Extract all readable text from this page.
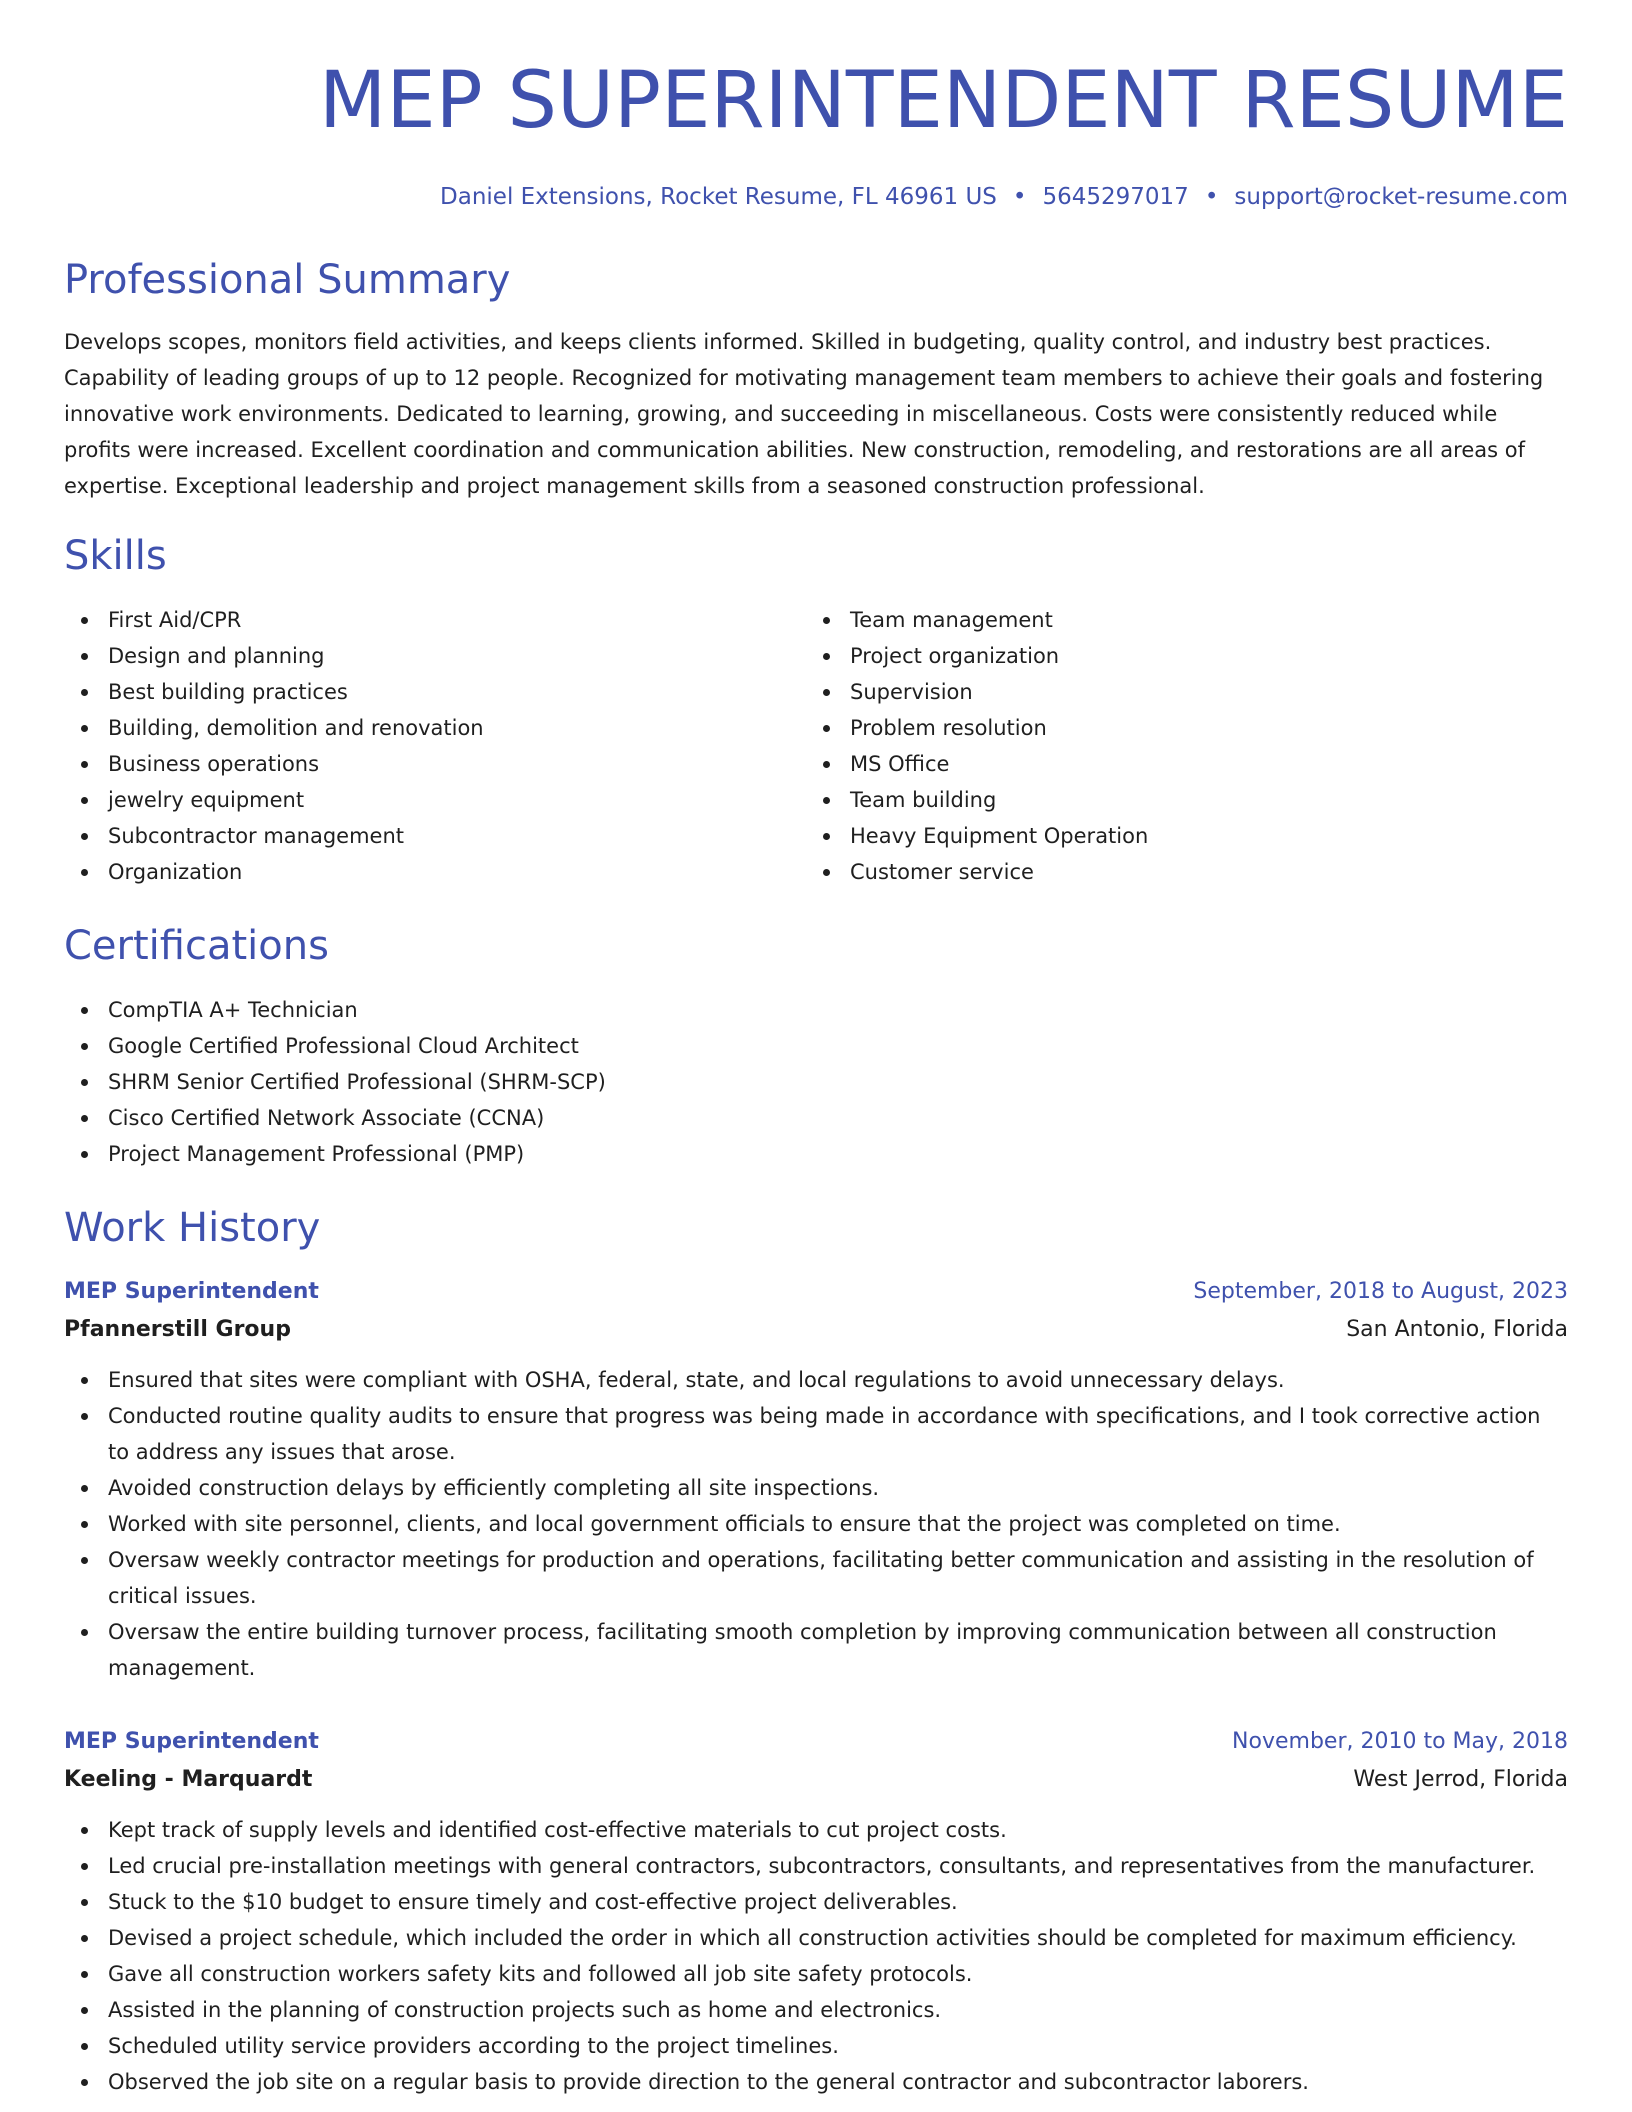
MEP SUPERINTENDENT RESUME
Daniel Extensions, Rocket Resume, FL 46961 US • 5645297017 • support@rocket-resume.com
Professional Summary
Develops scopes, monitors field activities, and keeps clients informed. Skilled in budgeting, quality control, and industry best practices. Capability of leading groups of up to 12 people. Recognized for motivating management team members to achieve their goals and fostering innovative work environments. Dedicated to learning, growing, and succeeding in miscellaneous. Costs were consistently reduced while profits were increased. Excellent coordination and communication abilities. New construction, remodeling, and restorations are all areas of expertise. Exceptional leadership and project management skills from a seasoned construction professional.
Skills
First Aid/CPR
Design and planning
Best building practices
Building, demolition and renovation
Business operations
jewelry equipment
Subcontractor management
Organization
Team management
Project organization
Supervision
Problem resolution
MS Office
Team building
Heavy Equipment Operation
Customer service
Certifications
CompTIA A+ Technician
Google Certified Professional Cloud Architect
SHRM Senior Certified Professional (SHRM-SCP)
Cisco Certified Network Associate (CCNA)
Project Management Professional (PMP)
Work History
MEP Superintendent	September, 2018 to August, 2023
Pfannerstill Group	San Antonio, Florida
Ensured that sites were compliant with OSHA, federal, state, and local regulations to avoid unnecessary delays.
Conducted routine quality audits to ensure that progress was being made in accordance with specifications, and I took corrective action to address any issues that arose.
Avoided construction delays by efficiently completing all site inspections.
Worked with site personnel, clients, and local government officials to ensure that the project was completed on time.
Oversaw weekly contractor meetings for production and operations, facilitating better communication and assisting in the resolution of critical issues.
Oversaw the entire building turnover process, facilitating smooth completion by improving communication between all construction management.
MEP Superintendent	November, 2010 to May, 2018
Keeling - Marquardt	West Jerrod, Florida
Kept track of supply levels and identified cost-effective materials to cut project costs.
Led crucial pre-installation meetings with general contractors, subcontractors, consultants, and representatives from the manufacturer.
Stuck to the $10 budget to ensure timely and cost-effective project deliverables.
Devised a project schedule, which included the order in which all construction activities should be completed for maximum efficiency.
Gave all construction workers safety kits and followed all job site safety protocols.
Assisted in the planning of construction projects such as home and electronics.
Scheduled utility service providers according to the project timelines.
Observed the job site on a regular basis to provide direction to the general contractor and subcontractor laborers.
